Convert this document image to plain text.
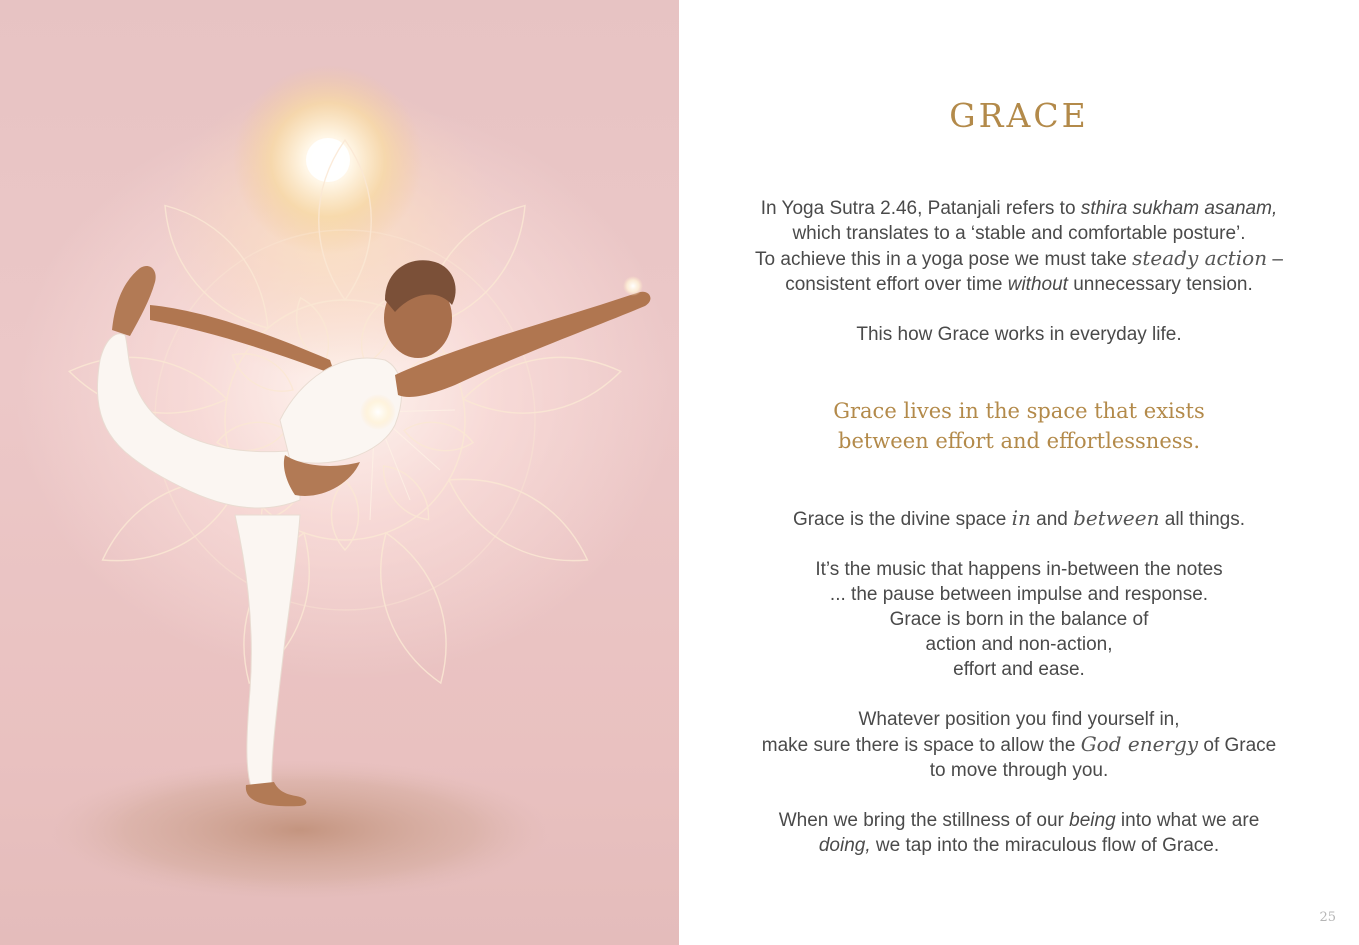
GRACE

In Yoga Sutra 2.46, Patanjali refers to sthira sukham asanam,

which translates to a ‘stable and comfortable posture’.

To achieve this in a yoga pose we must take steady action –

consistent effort over time without unnecessary tension.

This how Grace works in everyday life.

Grace lives in the space that exists

between effort and effortlessness.

Grace is the divine space in and between all things.

It’s the music that happens in-between the notes

... the pause between impulse and response.

Grace is born in the balance of

action and non-action,

effort and ease.

Whatever position you find yourself in,

make sure there is space to allow the God energy of Grace

to move through you.

When we bring the stillness of our being into what we are

doing, we tap into the miraculous flow of Grace.

25
